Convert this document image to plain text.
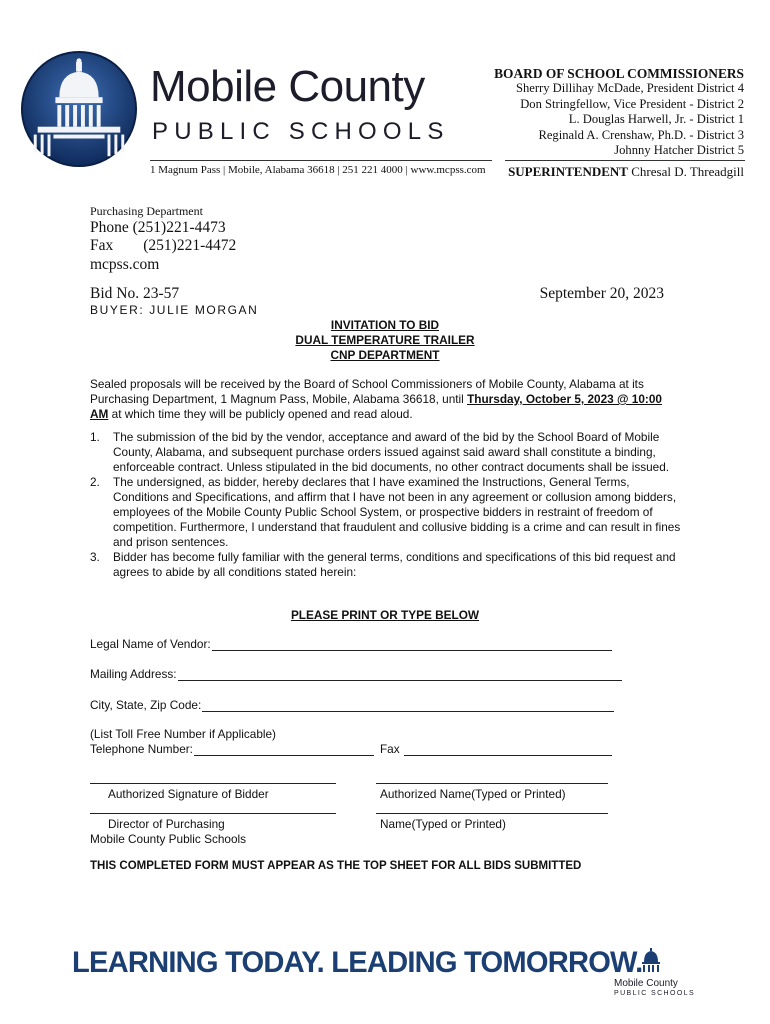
Mobile County
PUBLIC SCHOOLS
1 Magnum Pass | Mobile, Alabama 36618 | 251 221 4000 | www.mcpss.com
BOARD OF SCHOOL COMMISSIONERS
Sherry Dillihay McDade, President District 4
Don Stringfellow, Vice President - District 2
L. Douglas Harwell, Jr. - District 1
Reginald A. Crenshaw, Ph.D. - District 3
Johnny Hatcher District 5
SUPERINTENDENT Chresal D. Threadgill
Purchasing Department
Phone (251)221-4473
Fax (251)221-4472
mcpss.com
Bid No. 23-57	September 20, 2023
BUYER: JULIE MORGAN
INVITATION TO BID
DUAL TEMPERATURE TRAILER
CNP DEPARTMENT
Sealed proposals will be received by the Board of School Commissioners of Mobile County, Alabama at its Purchasing Department, 1 Magnum Pass, Mobile, Alabama 36618, until Thursday, October 5, 2023 @ 10:00 AM at which time they will be publicly opened and read aloud.
1. The submission of the bid by the vendor, acceptance and award of the bid by the School Board of Mobile County, Alabama, and subsequent purchase orders issued against said award shall constitute a binding, enforceable contract. Unless stipulated in the bid documents, no other contract documents shall be issued.
2. The undersigned, as bidder, hereby declares that I have examined the Instructions, General Terms, Conditions and Specifications, and affirm that I have not been in any agreement or collusion among bidders, employees of the Mobile County Public School System, or prospective bidders in restraint of freedom of competition. Furthermore, I understand that fraudulent and collusive bidding is a crime and can result in fines and prison sentences.
3. Bidder has become fully familiar with the general terms, conditions and specifications of this bid request and agrees to abide by all conditions stated herein:
PLEASE PRINT OR TYPE BELOW
Legal Name of Vendor:
Mailing Address:
City, State, Zip Code:
(List Toll Free Number if Applicable)
Telephone Number:	Fax
Authorized Signature of Bidder	Authorized Name(Typed or Printed)
Director of Purchasing	Name(Typed or Printed)
Mobile County Public Schools
THIS COMPLETED FORM MUST APPEAR AS THE TOP SHEET FOR ALL BIDS SUBMITTED
LEARNING TODAY. LEADING TOMORROW.
Mobile County
PUBLIC SCHOOLS
